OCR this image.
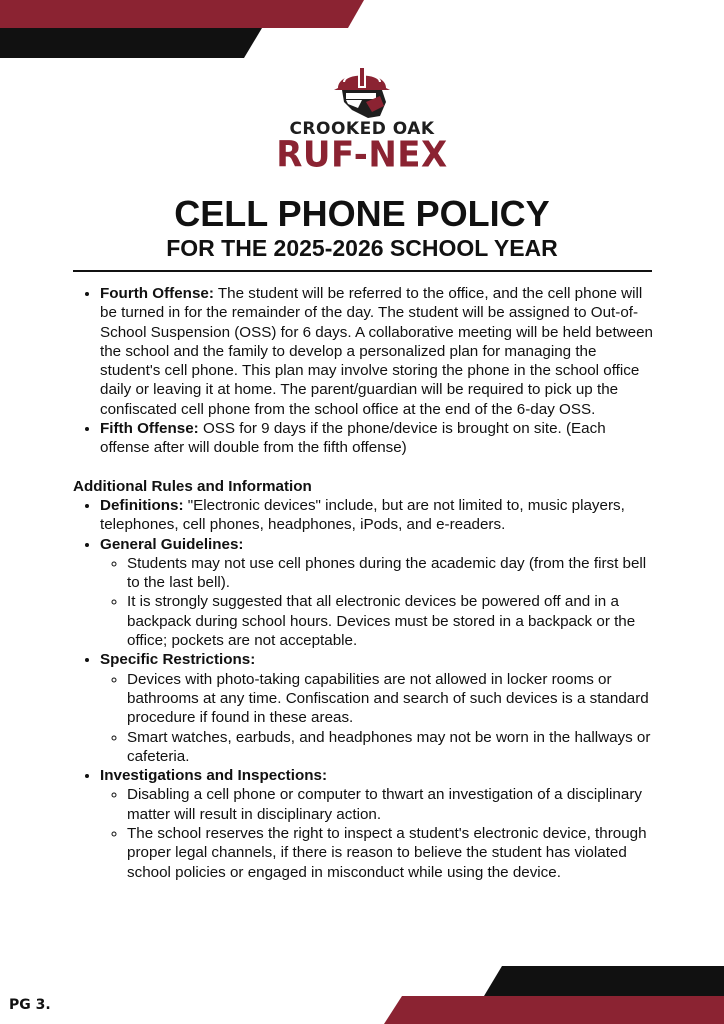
CROOKED OAK
RUF-NEX
CELL PHONE POLICY
FOR THE 2025-2026 SCHOOL YEAR
• Fourth Offense: The student will be referred to the office, and the cell phone will be turned in for the remainder of the day. The student will be assigned to Out-of-School Suspension (OSS) for 6 days. A collaborative meeting will be held between the school and the family to develop a personalized plan for managing the student's cell phone. This plan may involve storing the phone in the school office daily or leaving it at home. The parent/guardian will be required to pick up the confiscated cell phone from the school office at the end of the 6-day OSS.
• Fifth Offense: OSS for 9 days if the phone/device is brought on site. (Each offense after will double from the fifth offense)
Additional Rules and Information
• Definitions: "Electronic devices" include, but are not limited to, music players, telephones, cell phones, headphones, iPods, and e-readers.
• General Guidelines:
◦ Students may not use cell phones during the academic day (from the first bell to the last bell).
◦ It is strongly suggested that all electronic devices be powered off and in a backpack during school hours. Devices must be stored in a backpack or the office; pockets are not acceptable.
• Specific Restrictions:
◦ Devices with photo-taking capabilities are not allowed in locker rooms or bathrooms at any time. Confiscation and search of such devices is a standard procedure if found in these areas.
◦ Smart watches, earbuds, and headphones may not be worn in the hallways or cafeteria.
• Investigations and Inspections:
◦ Disabling a cell phone or computer to thwart an investigation of a disciplinary matter will result in disciplinary action.
◦ The school reserves the right to inspect a student's electronic device, through proper legal channels, if there is reason to believe the student has violated school policies or engaged in misconduct while using the device.
PG 3.
